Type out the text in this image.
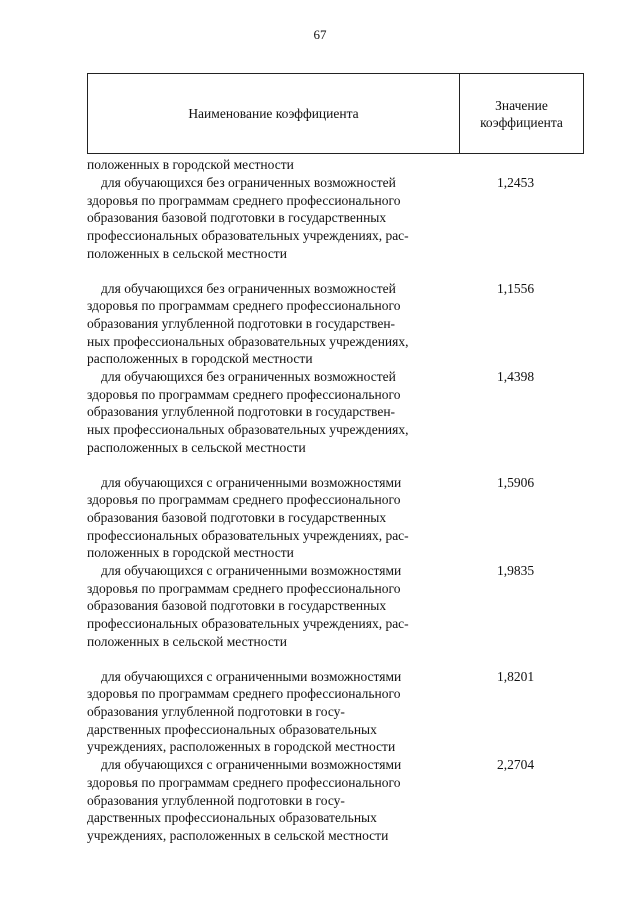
67
Наименование коэффициента
Значение
коэффициента
положенных в городской местности
для обучающихся без ограниченных возможностей
здоровья по программам среднего профессионального
образования базовой подготовки в государственных
профессиональных образовательных учреждениях, рас-
положенных в сельской местности
1,2453
для обучающихся без ограниченных возможностей
здоровья по программам среднего профессионального
образования углубленной подготовки в государствен-
ных профессиональных образовательных учреждениях,
расположенных в городской местности
1,1556
для обучающихся без ограниченных возможностей
здоровья по программам среднего профессионального
образования углубленной подготовки в государствен-
ных профессиональных образовательных учреждениях,
расположенных в сельской местности
1,4398
для обучающихся с ограниченными возможностями
здоровья по программам среднего профессионального
образования базовой подготовки в государственных
профессиональных образовательных учреждениях, рас-
положенных в городской местности
1,5906
для обучающихся с ограниченными возможностями
здоровья по программам среднего профессионального
образования базовой подготовки в государственных
профессиональных образовательных учреждениях, рас-
положенных в сельской местности
1,9835
для обучающихся с ограниченными возможностями
здоровья по программам среднего профессионального
образования углубленной подготовки в госу-
дарственных профессиональных образовательных
учреждениях, расположенных в городской местности
1,8201
для обучающихся с ограниченными возможностями
здоровья по программам среднего профессионального
образования углубленной подготовки в госу-
дарственных профессиональных образовательных
учреждениях, расположенных в сельской местности
2,2704
